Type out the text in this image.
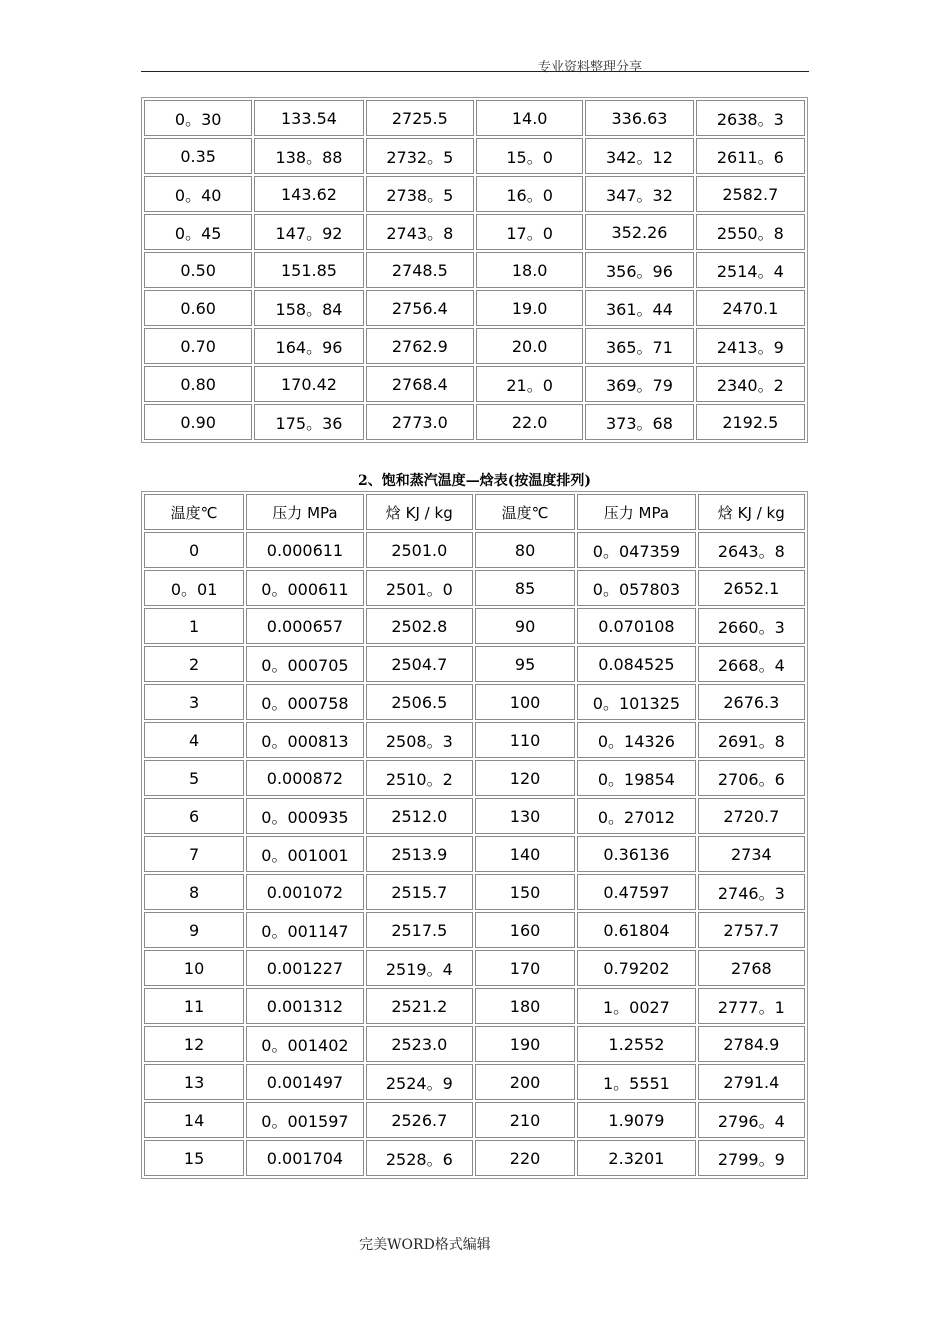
专业资料整理分享
0。30	133.54	2725.5	14.0	336.63	2638。3
0.35	138。88	2732。5	15。0	342。12	2611。6
0。40	143.62	2738。5	16。0	347。32	2582.7
0。45	147。92	2743。8	17。0	352.26	2550。8
0.50	151.85	2748.5	18.0	356。96	2514。4
0.60	158。84	2756.4	19.0	361。44	2470.1
0.70	164。96	2762.9	20.0	365。71	2413。9
0.80	170.42	2768.4	21。0	369。79	2340。2
0.90	175。36	2773.0	22.0	373。68	2192.5
2、饱和蒸汽温度—焓表(按温度排列)
温度℃	压力 MPa	焓 KJ / kg	温度℃	压力 MPa	焓 KJ / kg
0	0.000611	2501.0	80	0。047359	2643。8
0。01	0。000611	2501。0	85	0。057803	2652.1
1	0.000657	2502.8	90	0.070108	2660。3
2	0。000705	2504.7	95	0.084525	2668。4
3	0。000758	2506.5	100	0。101325	2676.3
4	0。000813	2508。3	110	0。14326	2691。8
5	0.000872	2510。2	120	0。19854	2706。6
6	0。000935	2512.0	130	0。27012	2720.7
7	0。001001	2513.9	140	0.36136	2734
8	0.001072	2515.7	150	0.47597	2746。3
9	0。001147	2517.5	160	0.61804	2757.7
10	0.001227	2519。4	170	0.79202	2768
11	0.001312	2521.2	180	1。0027	2777。1
12	0。001402	2523.0	190	1.2552	2784.9
13	0.001497	2524。9	200	1。5551	2791.4
14	0。001597	2526.7	210	1.9079	2796。4
15	0.001704	2528。6	220	2.3201	2799。9
完美WORD格式编辑
